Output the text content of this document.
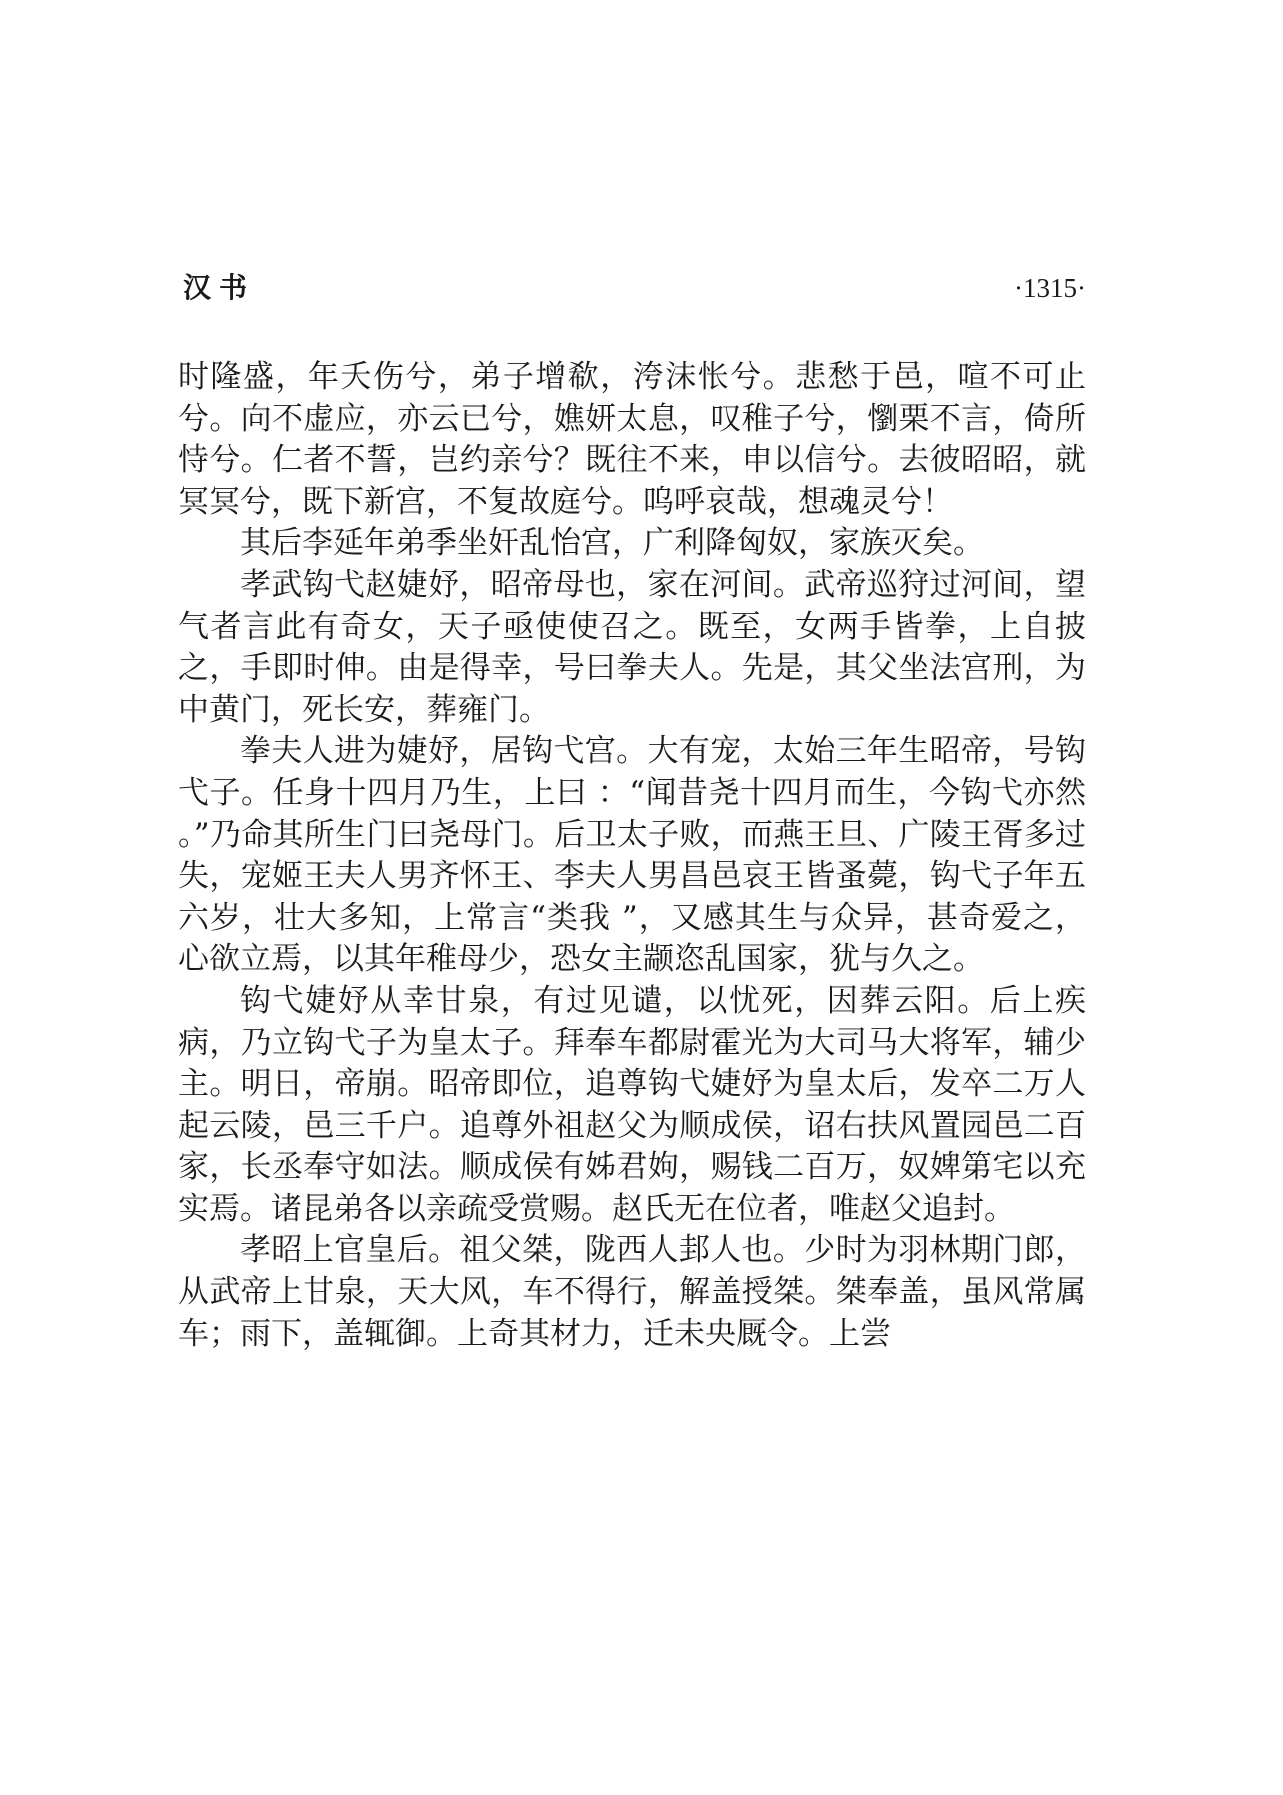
汉书	·1315·

时隆盛，年夭伤兮，弟子增欷，洿沫怅兮。悲愁于邑，喧不可止兮。向不虚应，亦云已兮，嫶妍太息，叹稚子兮，懰栗不言，倚所恃兮。仁者不誓，岂约亲兮？既往不来，申以信兮。去彼昭昭，就冥冥兮，既下新宫，不复故庭兮。呜呼哀哉，想魂灵兮！

其后李延年弟季坐奸乱怡宫，广利降匈奴，家族灭矣。

孝武钩弋赵婕妤，昭帝母也，家在河间。武帝巡狩过河间，望气者言此有奇女，天子亟使使召之。既至，女两手皆拳，上自披之，手即时伸。由是得幸，号曰拳夫人。先是，其父坐法宫刑，为中黄门，死长安，葬雍门。

拳夫人进为婕妤，居钩弋宫。大有宠，太始三年生昭帝，号钩弋子。任身十四月乃生，上曰 ：“闻昔尧十四月而生，今钩弋亦然 。”乃命其所生门曰尧母门。后卫太子败，而燕王旦、广陵王胥多过失，宠姬王夫人男齐怀王、李夫人男昌邑哀王皆蚤薨，钩弋子年五六岁，壮大多知，上常言“类我 ”，又感其生与众异，甚奇爱之，心欲立焉，以其年稚母少，恐女主颛恣乱国家，犹与久之。

钩弋婕妤从幸甘泉，有过见谴，以忧死，因葬云阳。后上疾病，乃立钩弋子为皇太子。拜奉车都尉霍光为大司马大将军，辅少主。明日，帝崩。昭帝即位，追尊钩弋婕妤为皇太后，发卒二万人起云陵，邑三千户。追尊外祖赵父为顺成侯，诏右扶风置园邑二百家，长丞奉守如法。顺成侯有姊君姁，赐钱二百万，奴婢第宅以充实焉。诸昆弟各以亲疏受赏赐。赵氏无在位者，唯赵父追封。

孝昭上官皇后。祖父桀，陇西人邽人也。少时为羽林期门郎，从武帝上甘泉，天大风，车不得行，解盖授桀。桀奉盖，虽风常属车；雨下，盖辄御。上奇其材力，迁未央厩令。上尝
